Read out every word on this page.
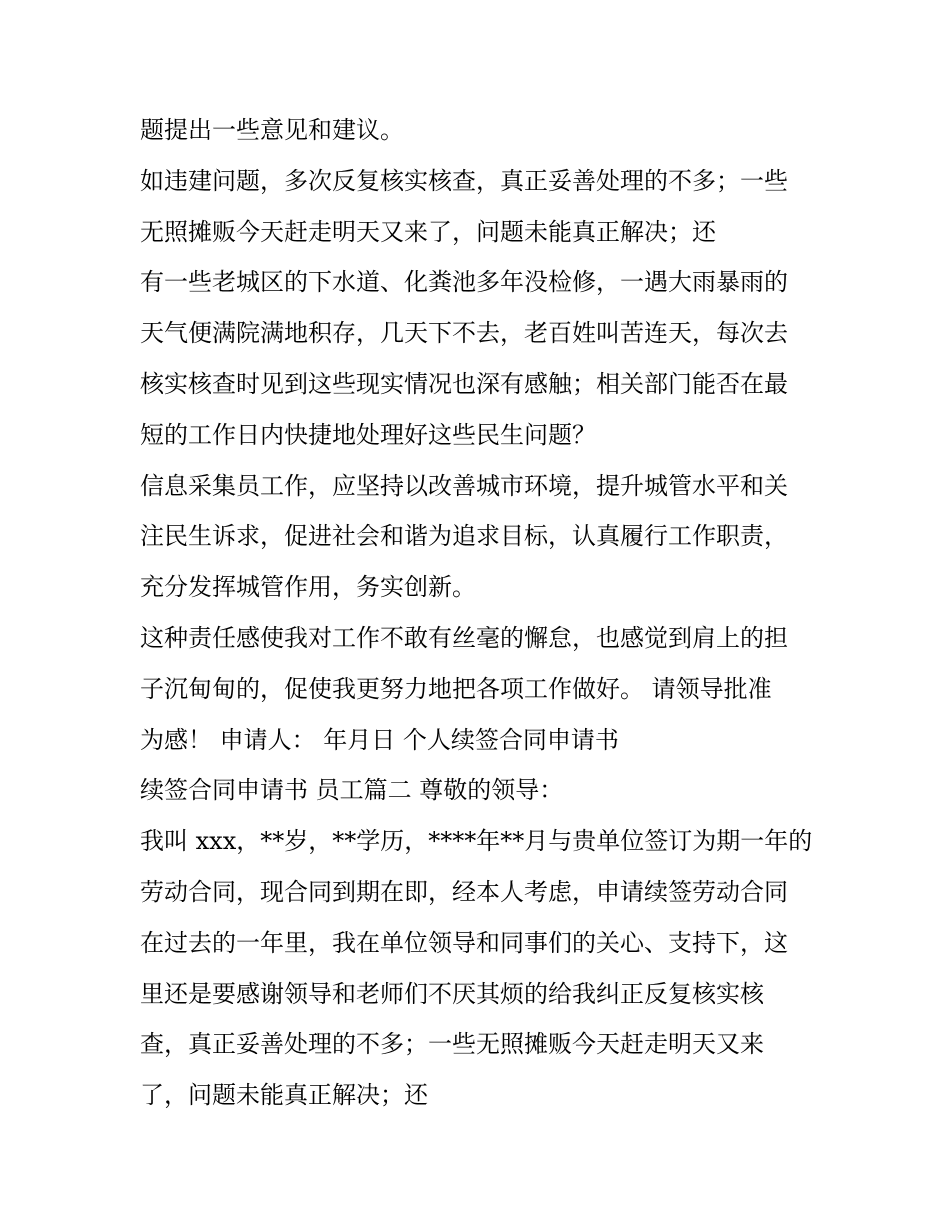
题提出一些意见和建议。
如违建问题，多次反复核实核查，真正妥善处理的不多；一些
无照摊贩今天赶走明天又来了，问题未能真正解决；还
有一些老城区的下水道、化粪池多年没检修，一遇大雨暴雨的
天气便满院满地积存，几天下不去，老百姓叫苦连天，每次去
核实核查时见到这些现实情况也深有感触；相关部门能否在最
短的工作日内快捷地处理好这些民生问题？
信息采集员工作，应坚持以改善城市环境，提升城管水平和关
注民生诉求，促进社会和谐为追求目标，认真履行工作职责，
充分发挥城管作用，务实创新。
这种责任感使我对工作不敢有丝毫的懈怠，也感觉到肩上的担
子沉甸甸的，促使我更努力地把各项工作做好。 请领导批准
为感！ 申请人： 年月日 个人续签合同申请书
续签合同申请书 员工篇二 尊敬的领导：
我叫 xxx，**岁，**学历，****年**月与贵单位签订为期一年的
劳动合同，现合同到期在即，经本人考虑，申请续签劳动合同
在过去的一年里，我在单位领导和同事们的关心、支持下，这
里还是要感谢领导和老师们不厌其烦的给我纠正反复核实核
查，真正妥善处理的不多；一些无照摊贩今天赶走明天又来
了，问题未能真正解决；还
